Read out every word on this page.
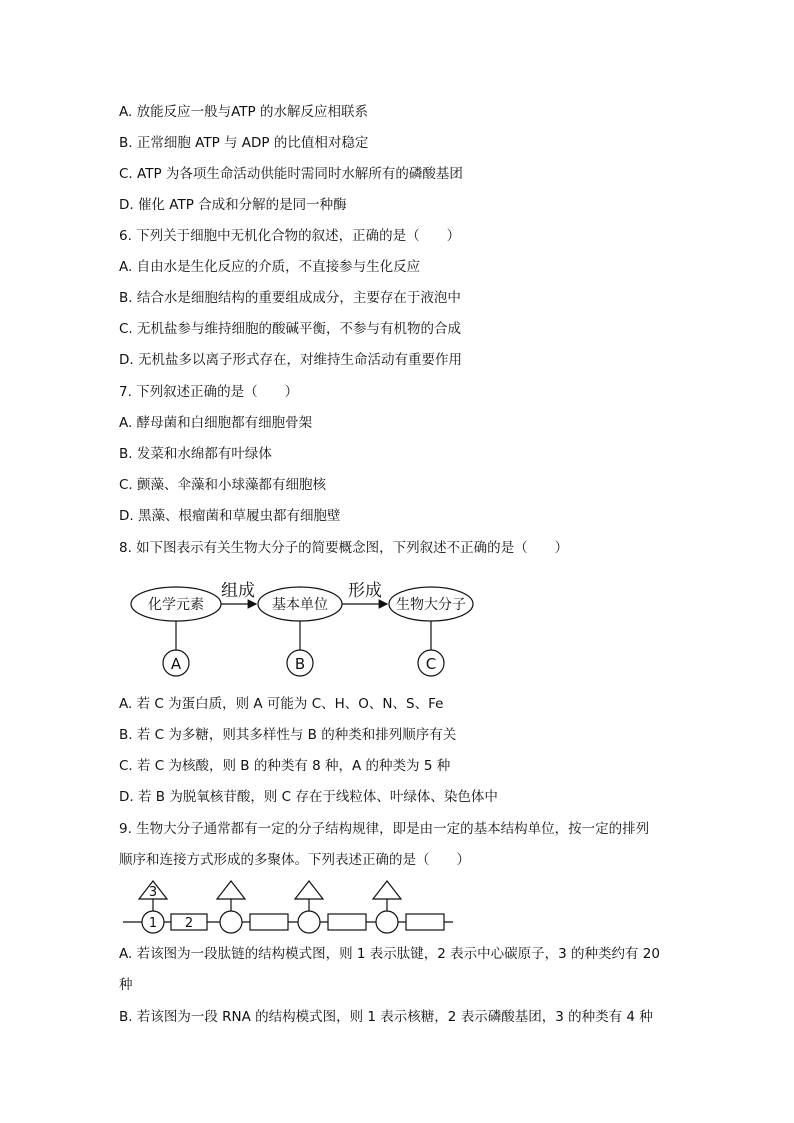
A. 放能反应一般与ATP 的水解反应相联系
B. 正常细胞 ATP 与 ADP 的比值相对稳定
C. ATP 为各项生命活动供能时需同时水解所有的磷酸基团
D. 催化 ATP 合成和分解的是同一种酶
6. 下列关于细胞中无机化合物的叙述，正确的是（　　）
A. 自由水是生化反应的介质，不直接参与生化反应
B. 结合水是细胞结构的重要组成成分，主要存在于液泡中
C. 无机盐参与维持细胞的酸碱平衡，不参与有机物的合成
D. 无机盐多以离子形式存在，对维持生命活动有重要作用
7. 下列叙述正确的是（　　）
A. 酵母菌和白细胞都有细胞骨架
B. 发菜和水绵都有叶绿体
C. 颤藻、伞藻和小球藻都有细胞核
D. 黑藻、根瘤菌和草履虫都有细胞壁
8. 如下图表示有关生物大分子的简要概念图，下列叙述不正确的是（　　）
化学元素	基本单位	生物大分子
组成	形成
A	B	C
A. 若 C 为蛋白质，则 A 可能为 C、H、O、N、S、Fe
B. 若 C 为多糖，则其多样性与 B 的种类和排列顺序有关
C. 若 C 为核酸，则 B 的种类有 8 种，A 的种类为 5 种
D. 若 B 为脱氧核苷酸，则 C 存在于线粒体、叶绿体、染色体中
9. 生物大分子通常都有一定的分子结构规律，即是由一定的基本结构单位，按一定的排列
顺序和连接方式形成的多聚体。下列表述正确的是（　　）
3
1 2
A. 若该图为一段肽链的结构模式图，则 1 表示肽键，2 表示中心碳原子，3 的种类约有 20
种
B. 若该图为一段 RNA 的结构模式图，则 1 表示核糖，2 表示磷酸基团，3 的种类有 4 种
